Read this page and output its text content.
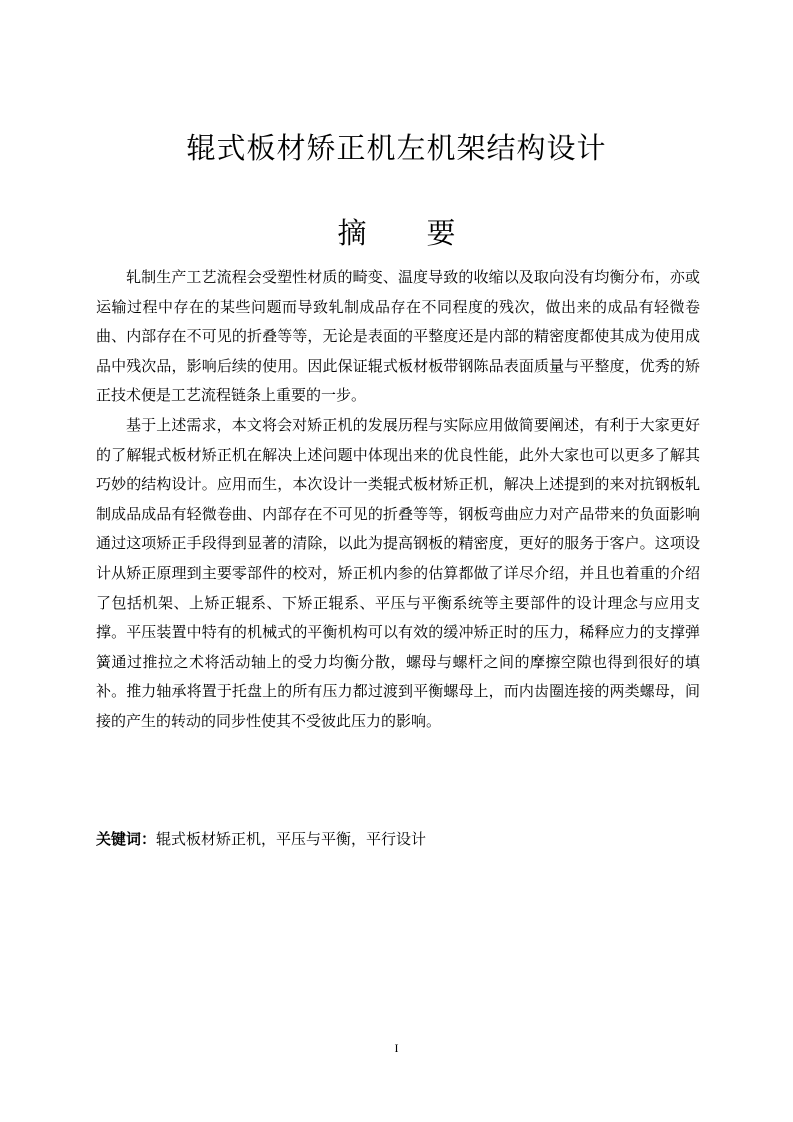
辊式板材矫正机左机架结构设计
摘 要

轧制生产工艺流程会受塑性材质的畸变、温度导致的收缩以及取向没有均衡分布，亦或运输过程中存在的某些问题而导致轧制成品存在不同程度的残次，做出来的成品有轻微卷曲、内部存在不可见的折叠等等，无论是表面的平整度还是内部的精密度都使其成为使用成品中残次品，影响后续的使用。因此保证辊式板材板带钢陈品表面质量与平整度，优秀的矫正技术便是工艺流程链条上重要的一步。

基于上述需求，本文将会对矫正机的发展历程与实际应用做简要阐述，有利于大家更好的了解辊式板材矫正机在解决上述问题中体现出来的优良性能，此外大家也可以更多了解其巧妙的结构设计。应用而生，本次设计一类辊式板材矫正机，解决上述提到的来对抗钢板轧制成品成品有轻微卷曲、内部存在不可见的折叠等等，钢板弯曲应力对产品带来的负面影响通过这项矫正手段得到显著的清除，以此为提高钢板的精密度，更好的服务于客户。这项设计从矫正原理到主要零部件的校对，矫正机内参的估算都做了详尽介绍，并且也着重的介绍了包括机架、上矫正辊系、下矫正辊系、平压与平衡系统等主要部件的设计理念与应用支撑。平压装置中特有的机械式的平衡机构可以有效的缓冲矫正时的压力，稀释应力的支撑弹簧通过推拉之术将活动轴上的受力均衡分散，螺母与螺杆之间的摩擦空隙也得到很好的填补。推力轴承将置于托盘上的所有压力都过渡到平衡螺母上，而内齿圈连接的两类螺母，间接的产生的转动的同步性使其不受彼此压力的影响。

关键词：辊式板材矫正机，平压与平衡，平行设计

I
